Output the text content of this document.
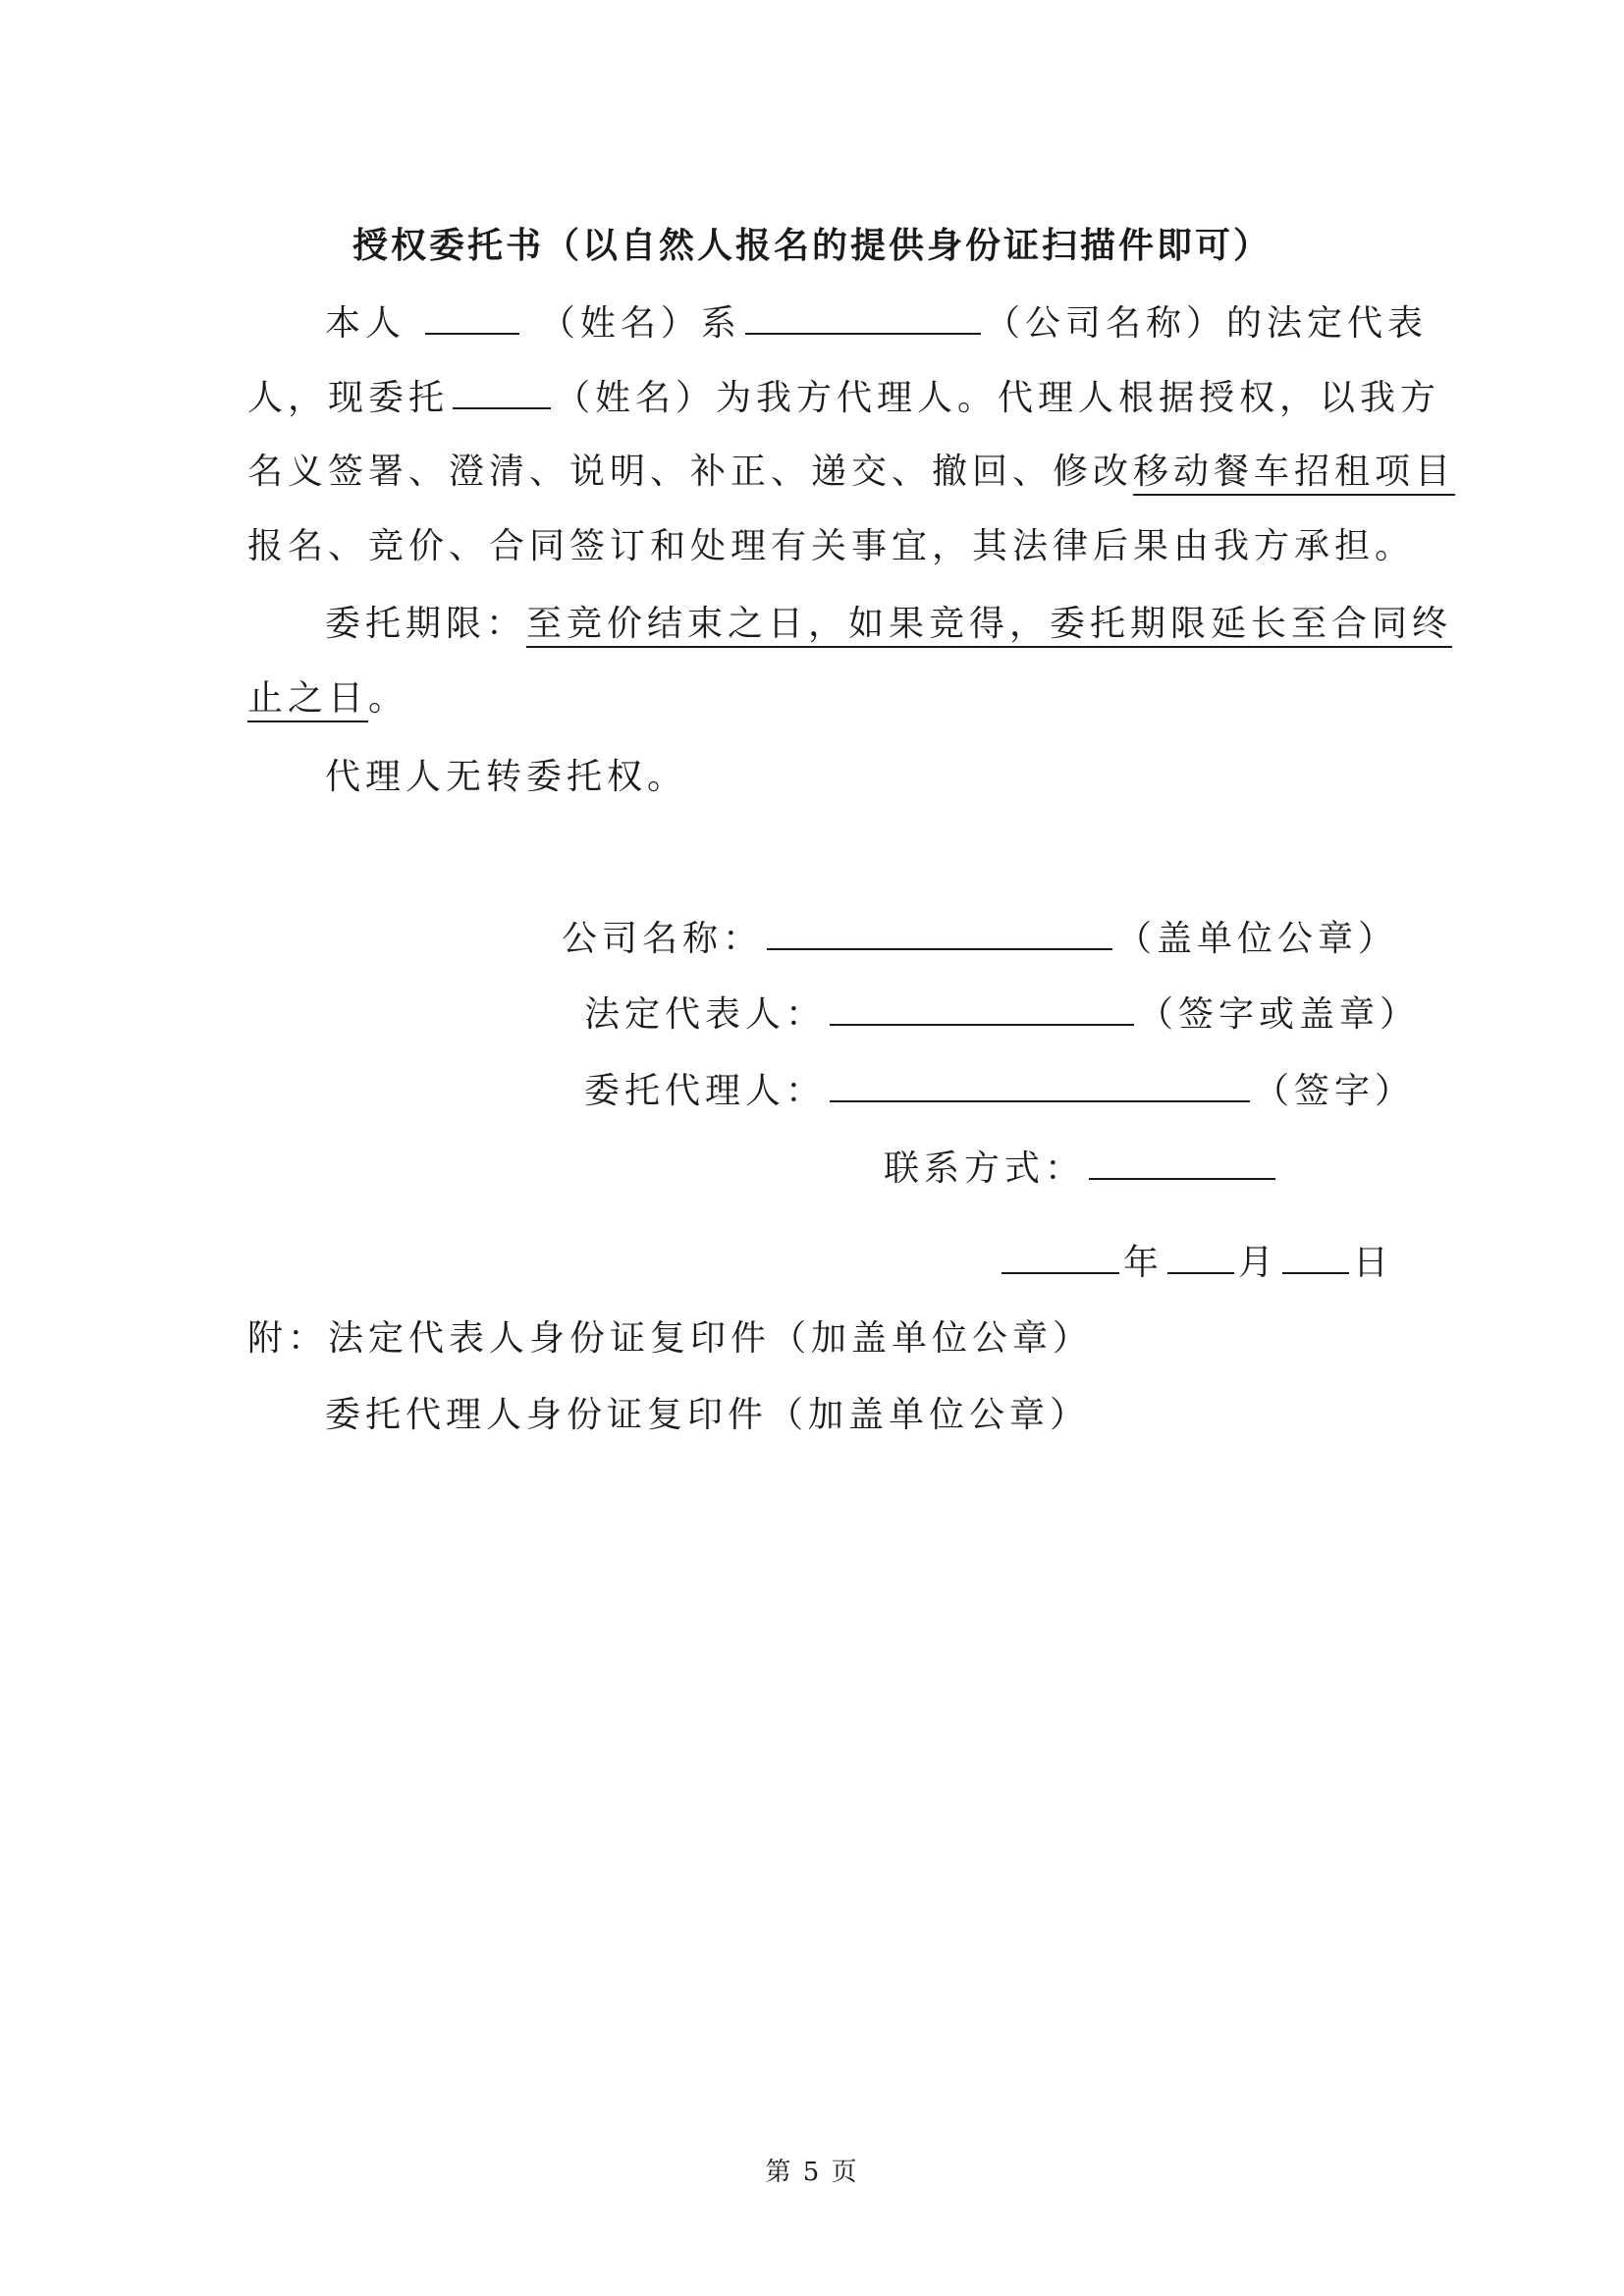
授权委托书（以自然人报名的提供身份证扫描件即可）
本人	（姓名）系	（公司名称）的法定代表
人，现委托	（姓名）为我方代理人。代理人根据授权，以我方
名义签署、澄清、说明、补正、递交、撤回、修改移动餐车招租项目
报名、竞价、合同签订和处理有关事宜，其法律后果由我方承担。
委托期限：至竞价结束之日，如果竞得，委托期限延长至合同终
止之日。
代理人无转委托权。
公司名称：	（盖单位公章）
法定代表人：	（签字或盖章）
委托代理人：	（签字）
联系方式：
年 月 日
附：法定代表人身份证复印件（加盖单位公章）
委托代理人身份证复印件（加盖单位公章）
第 5 页
